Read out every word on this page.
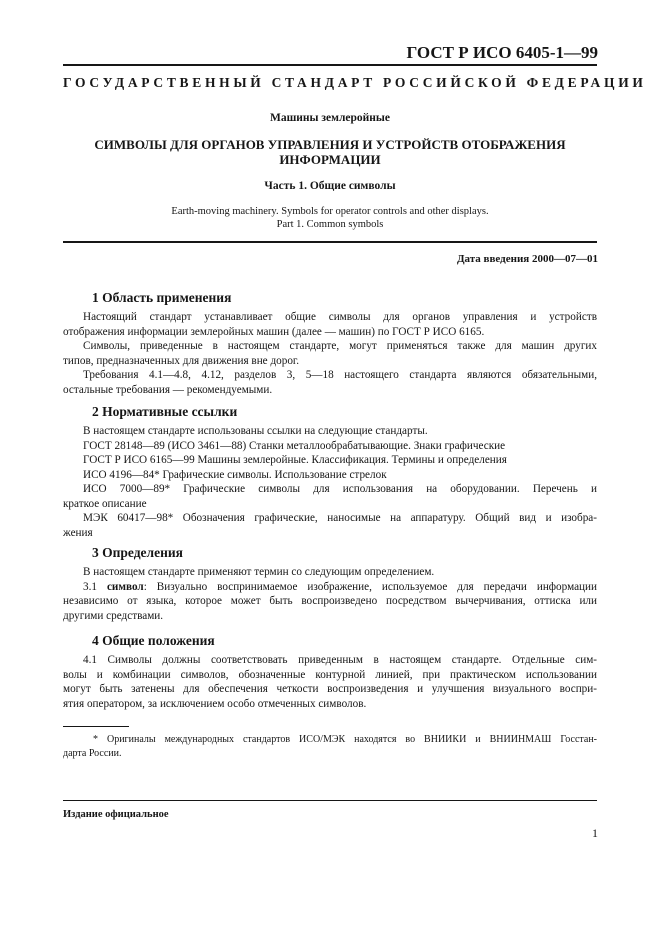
ГОСТ Р ИСО 6405-1—99
ГОСУДАРСТВЕННЫЙ СТАНДАРТ РОССИЙСКОЙ ФЕДЕРАЦИИ
Машины землеройные
СИМВОЛЫ ДЛЯ ОРГАНОВ УПРАВЛЕНИЯ И УСТРОЙСТВ ОТОБРАЖЕНИЯ
ИНФОРМАЦИИ
Часть 1. Общие символы
Earth-moving machinery. Symbols for operator controls and other displays.
Part 1. Common symbols
Дата введения 2000—07—01
1 Область применения
Настоящий стандарт устанавливает общие символы для органов управления и устройств
отображения информации землеройных машин (далее — машин) по ГОСТ Р ИСО 6165.
Символы, приведенные в настоящем стандарте, могут применяться также для машин других
типов, предназначенных для движения вне дорог.
Требования 4.1—4.8, 4.12, разделов 3, 5—18 настоящего стандарта являются обязательными,
остальные требования — рекомендуемыми.
2 Нормативные ссылки
В настоящем стандарте использованы ссылки на следующие стандарты.
ГОСТ 28148—89 (ИСО 3461—88) Станки металлообрабатывающие. Знаки графические
ГОСТ Р ИСО 6165—99 Машины землеройные. Классификация. Термины и определения
ИСО 4196—84* Графические символы. Использование стрелок
ИСО 7000—89* Графические символы для использования на оборудовании. Перечень и
краткое описание
МЭК 60417—98* Обозначения графические, наносимые на аппаратуру. Общий вид и изобра-
жения
3 Определения
В настоящем стандарте применяют термин со следующим определением.
3.1 символ: Визуально воспринимаемое изображение, используемое для передачи информации
независимо от языка, которое может быть воспроизведено посредством вычерчивания, оттиска или
другими средствами.
4 Общие положения
4.1 Символы должны соответствовать приведенным в настоящем стандарте. Отдельные сим-
волы и комбинации символов, обозначенные контурной линией, при практическом использовании
могут быть затенены для обеспечения четкости воспроизведения и улучшения визуального воспри-
ятия оператором, за исключением особо отмеченных символов.
* Оригиналы международных стандартов ИСО/МЭК находятся во ВНИИКИ и ВНИИНМАШ Госстан-
дарта России.
Издание официальное
1
